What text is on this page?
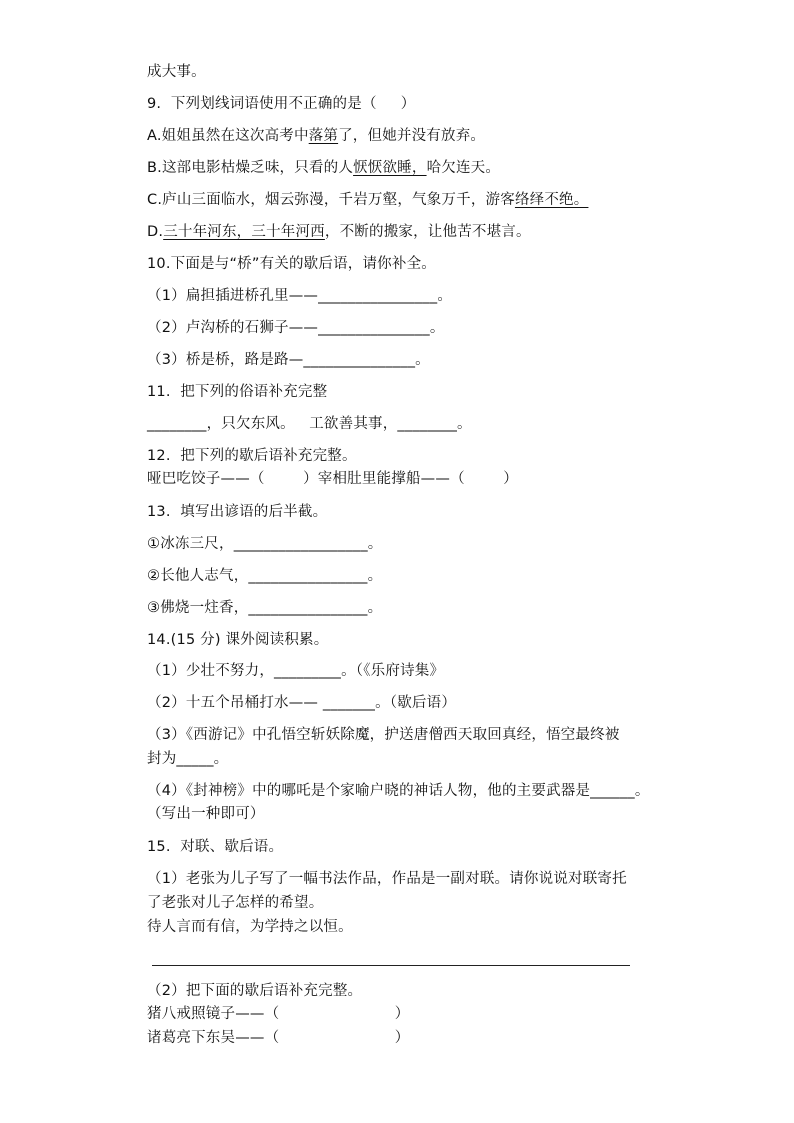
成大事。
9.  下列划线词语使用不正确的是（     ）
A.姐姐虽然在这次高考中落第了，但她并没有放弃。
B.这部电影枯燥乏味，只看的人恹恹欲睡，哈欠连天。
C.庐山三面临水，烟云弥漫，千岩万壑，气象万千，游客络绎不绝。
D.三十年河东，三十年河西，不断的搬家，让他苦不堪言。
10.下面是与“桥”有关的歇后语，请你补全。
（1）扁担插进桥孔里——________________。
（2）卢沟桥的石狮子——_______________。
（3）桥是桥，路是路—_______________。
11.  把下列的俗语补充完整
________，只欠东风。   工欲善其事，________。
12.  把下列的歇后语补充完整。
哑巴吃饺子——（        ）宰相肚里能撑船——（        ）
13.  填写出谚语的后半截。
①冰冻三尺，__________________。
②长他人志气，________________。
③佛烧一炷香，________________。
14.(15 分) 课外阅读积累。
（1）少壮不努力，_________。（《乐府诗集》
（2）十五个吊桶打水—— _______。（歇后语）
（3）《西游记》中孔悟空斩妖除魔，护送唐僧西天取回真经，悟空最终被
封为_____。
（4）《封神榜》中的哪吒是个家喻户晓的神话人物，他的主要武器是______。
（写出一种即可）
15.  对联、歇后语。
（1）老张为儿子写了一幅书法作品，作品是一副对联。请你说说对联寄托
了老张对儿子怎样的希望。
待人言而有信，为学持之以恒。
（2）把下面的歇后语补充完整。
猪八戒照镜子——（                        ）
诸葛亮下东吴——（                        ）
